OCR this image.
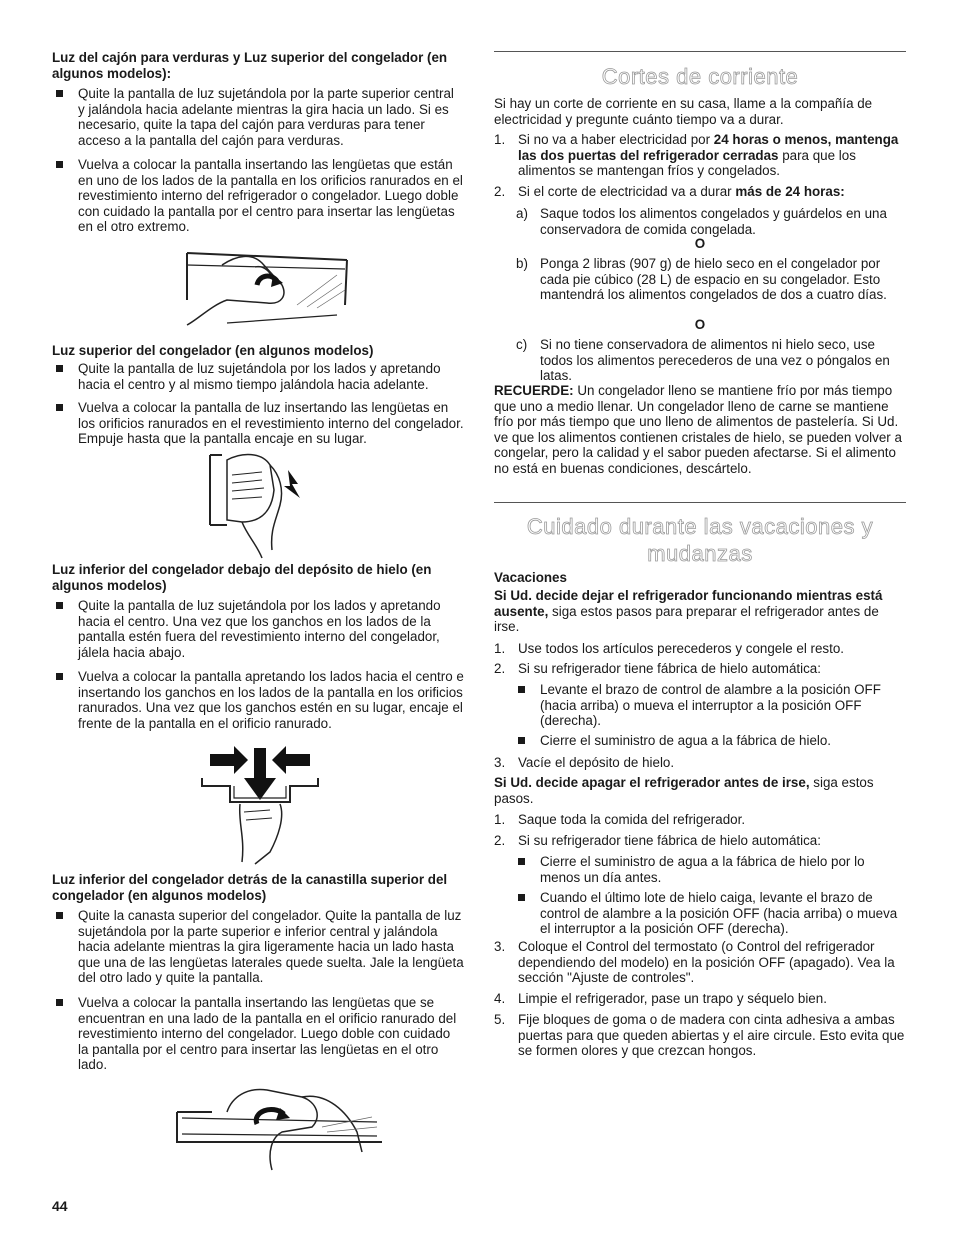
Luz del cajón para verduras y Luz superior del congelador (en algunos modelos):

Quite la pantalla de luz sujetándola por la parte superior central y jalándola hacia adelante mientras la gira hacia un lado. Si es necesario, quite la tapa del cajón para verduras para tener acceso a la pantalla del cajón para verduras.

Vuelva a colocar la pantalla insertando las lengüetas que están en uno de los lados de la pantalla en los orificios ranurados en el revestimiento interno del refrigerador o congelador. Luego doble con cuidado la pantalla por el centro para insertar las lengüetas en el otro extremo.

Luz superior del congelador (en algunos modelos)

Quite la pantalla de luz sujetándola por los lados y apretando hacia el centro y al mismo tiempo jalándola hacia adelante.

Vuelva a colocar la pantalla de luz insertando las lengüetas en los orificios ranurados en el revestimiento interno del congelador. Empuje hasta que la pantalla encaje en su lugar.

Luz inferior del congelador debajo del depósito de hielo (en algunos modelos)

Quite la pantalla de luz sujetándola por los lados y apretando hacia el centro. Una vez que los ganchos en los lados de la pantalla estén fuera del revestimiento interno del congelador, jálela hacia abajo.

Vuelva a colocar la pantalla apretando los lados hacia el centro e insertando los ganchos en los lados de la pantalla en los orificios ranurados. Una vez que los ganchos estén en su lugar, encaje el frente de la pantalla en el orificio ranurado.

Luz inferior del congelador detrás de la canastilla superior del congelador (en algunos modelos)

Quite la canasta superior del congelador. Quite la pantalla de luz sujetándola por la parte superior e inferior central y jalándola hacia adelante mientras la gira ligeramente hacia un lado hasta que una de las lengüetas laterales quede suelta. Jale la lengüeta del otro lado y quite la pantalla.

Vuelva a colocar la pantalla insertando las lengüetas que se encuentran en una lado de la pantalla en el orificio ranurado del revestimiento interno del congelador. Luego doble con cuidado la pantalla por el centro para insertar las lengüetas en el otro lado.

Cortes de corriente

Si hay un corte de corriente en su casa, llame a la compañía de electricidad y pregunte cuánto tiempo va a durar.

1. Si no va a haber electricidad por 24 horas o menos, mantenga las dos puertas del refrigerador cerradas para que los alimentos se mantengan fríos y congelados.

2. Si el corte de electricidad va a durar más de 24 horas:

a) Saque todos los alimentos congelados y guárdelos en una conservadora de comida congelada.

O

b) Ponga 2 libras (907 g) de hielo seco en el congelador por cada pie cúbico (28 L) de espacio en su congelador. Esto mantendrá los alimentos congelados de dos a cuatro días.

O

c) Si no tiene conservadora de alimentos ni hielo seco, use todos los alimentos perecederos de una vez o póngalos en latas.

RECUERDE: Un congelador lleno se mantiene frío por más tiempo que uno a medio llenar. Un congelador lleno de carne se mantiene frío por más tiempo que uno lleno de alimentos de pastelería. Si Ud. ve que los alimentos contienen cristales de hielo, se pueden volver a congelar, pero la calidad y el sabor pueden afectarse. Si el alimento no está en buenas condiciones, descártelo.

Cuidado durante las vacaciones y
mudanzas

Vacaciones

Si Ud. decide dejar el refrigerador funcionando mientras está ausente, siga estos pasos para preparar el refrigerador antes de irse.

1. Use todos los artículos perecederos y congele el resto.

2. Si su refrigerador tiene fábrica de hielo automática:

Levante el brazo de control de alambre a la posición OFF (hacia arriba) o mueva el interruptor a la posición OFF (derecha).

Cierre el suministro de agua a la fábrica de hielo.

3. Vacíe el depósito de hielo.

Si Ud. decide apagar el refrigerador antes de irse, siga estos pasos.

1. Saque toda la comida del refrigerador.

2. Si su refrigerador tiene fábrica de hielo automática:

Cierre el suministro de agua a la fábrica de hielo por lo menos un día antes.

Cuando el último lote de hielo caiga, levante el brazo de control de alambre a la posición OFF (hacia arriba) o mueva el interruptor a la posición OFF (derecha).

3. Coloque el Control del termostato (o Control del refrigerador dependiendo del modelo) en la posición OFF (apagado). Vea la sección "Ajuste de controles".

4. Limpie el refrigerador, pase un trapo y séquelo bien.

5. Fije bloques de goma o de madera con cinta adhesiva a ambas puertas para que queden abiertas y el aire circule. Esto evita que se formen olores y que crezcan hongos.

44
